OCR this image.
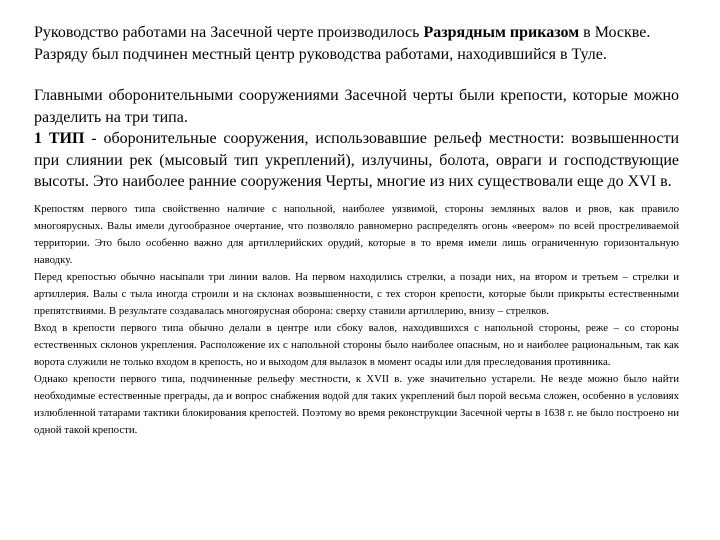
Руководство работами на Засечной черте производилось Разрядным приказом в Москве.

Разряду был подчинен местный центр руководства работами, находившийся в Туле.

Главными оборонительными сооружениями Засечной черты были крепости, которые можно разделить на три типа.

1 ТИП - оборонительные сооружения, использовавшие рельеф местности: возвышенности при слиянии рек (мысовый тип укреплений), излучины, болота, овраги и господствующие высоты. Это наиболее ранние сооружения Черты, многие из них существовали еще до XVI в.

Крепостям первого типа свойственно наличие с напольной, наиболее уязвимой, стороны земляных валов и рвов, как правило многоярусных. Валы имели дугообразное очертание, что позволяло равномерно распределять огонь «веером» по всей простреливаемой территории. Это было особенно важно для артиллерийских орудий, которые в то время имели лишь ограниченную горизонтальную наводку.

Перед крепостью обычно насыпали три линии валов. На первом находились стрелки, а позади них, на втором и третьем – стрелки и артиллерия. Валы с тыла иногда строили и на склонах возвышенности, с тех сторон крепости, которые были прикрыты естественными препятствиями. В результате создавалась многоярусная оборона: сверху ставили артиллерию, внизу – стрелков.

Вход в крепости первого типа обычно делали в центре или сбоку валов, находившихся с напольной стороны, реже – со стороны естественных склонов укрепления. Расположение их с напольной стороны было наиболее опасным, но и наиболее рациональным, так как ворота служили не только входом в крепость, но и выходом для вылазок в момент осады или для преследования противника.

Однако крепости первого типа, подчиненные рельефу местности, к XVII в. уже значительно устарели. Не везде можно было найти необходимые естественные преграды, да и вопрос снабжения водой для таких укреплений был порой весьма сложен, особенно в условиях излюбленной татарами тактики блокирования крепостей. Поэтому во время реконструкции Засечной черты в 1638 г. не было построено ни одной такой крепости.
